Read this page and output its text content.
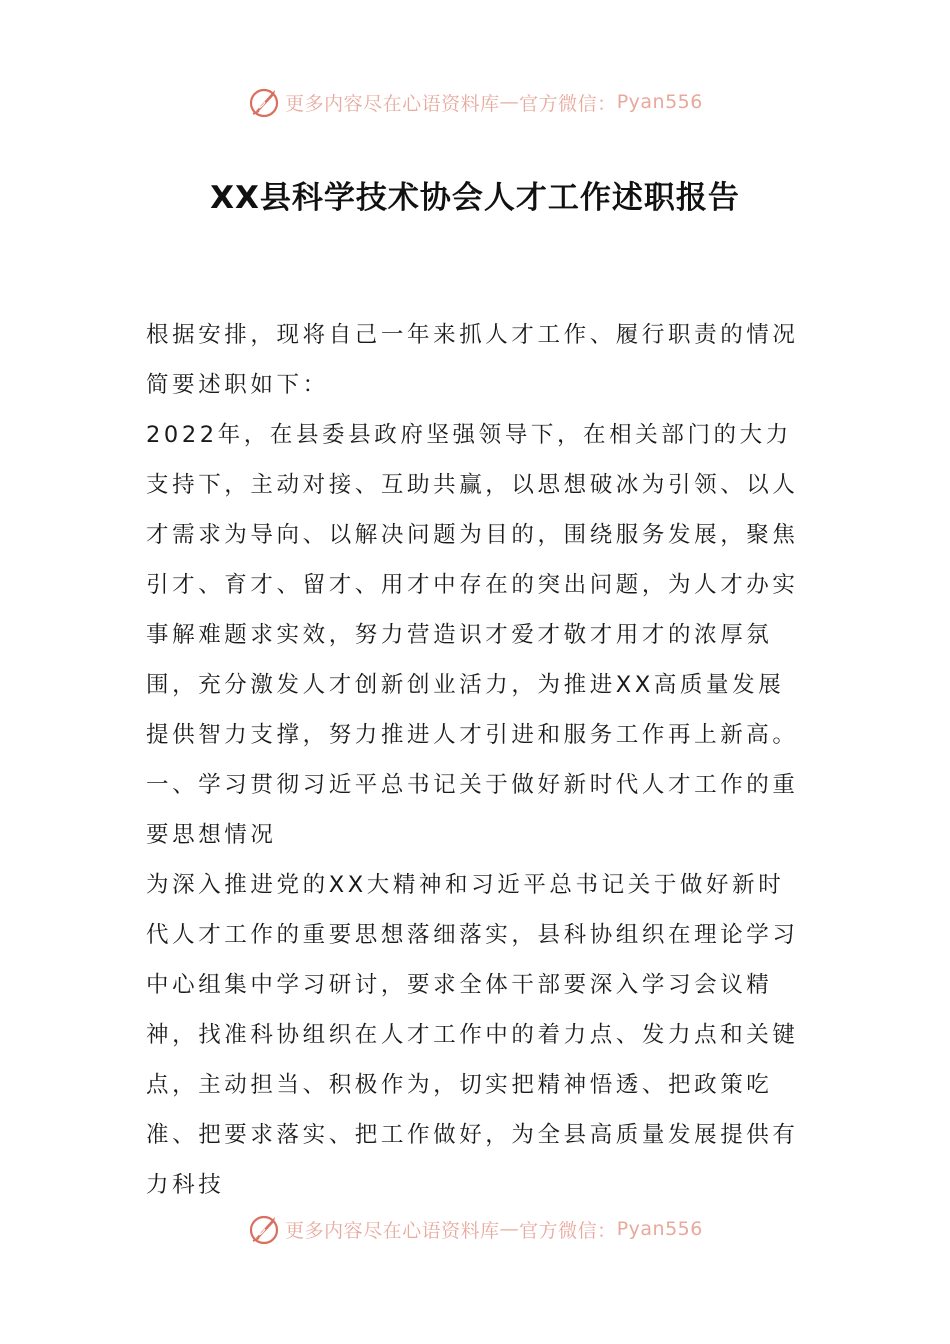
更多内容尽在心语资料库 — 官方微信： Pyan556
XX县科学技术协会人才工作述职报告

根据安排，现将自己一年来抓人才工作、履行职责的情况简要述职如下：

2022年，在县委县政府坚强领导下，在相关部门的大力支持下，主动对接、互助共赢，以思想破冰为引领、以人才需求为导向、以解决问题为目的，围绕服务发展，聚焦引才、育才、留才、用才中存在的突出问题，为人才办实事解难题求实效，努力营造识才爱才敬才用才的浓厚氛围，充分激发人才创新创业活力，为推进XX高质量发展提供智力支撑，努力推进人才引进和服务工作再上新高。

一、学习贯彻习近平总书记关于做好新时代人才工作的重要思想情况

为深入推进党的XX大精神和习近平总书记关于做好新时代人才工作的重要思想落细落实，县科协组织在理论学习中心组集中学习研讨，要求全体干部要深入学习会议精神，找准科协组织在人才工作中的着力点、发力点和关键点，主动担当、积极作为，切实把精神悟透、把政策吃准、把要求落实、把工作做好，为全县高质量发展提供有力科技

更多内容尽在心语资料库 — 官方微信： Pyan556
